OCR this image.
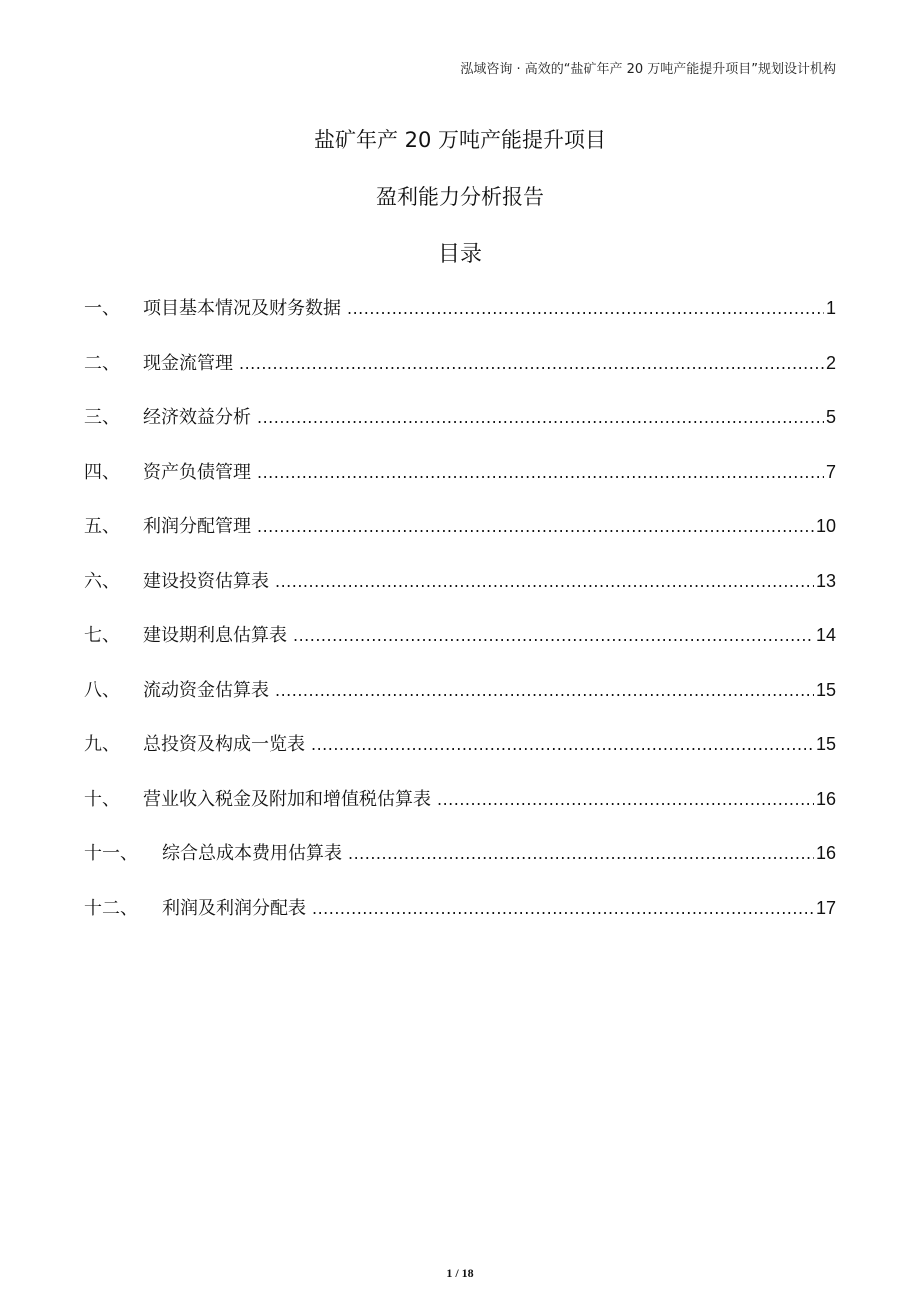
泓域咨询 · 高效的“盐矿年产 20 万吨产能提升项目”规划设计机构
盐矿年产 20 万吨产能提升项目
盈利能力分析报告
目录
一、	项目基本情况及财务数据 .....	1
二、	现金流管理 .....	2
三、	经济效益分析 .....	5
四、	资产负债管理 .....	7
五、	利润分配管理 .....	10
六、	建设投资估算表 .....	13
七、	建设期利息估算表 .....	14
八、	流动资金估算表 .....	15
九、	总投资及构成一览表 .....	15
十、	营业收入税金及附加和增值税估算表 .....	16
十一、	综合总成本费用估算表 .....	16
十二、	利润及利润分配表 .....	17
1 / 18
